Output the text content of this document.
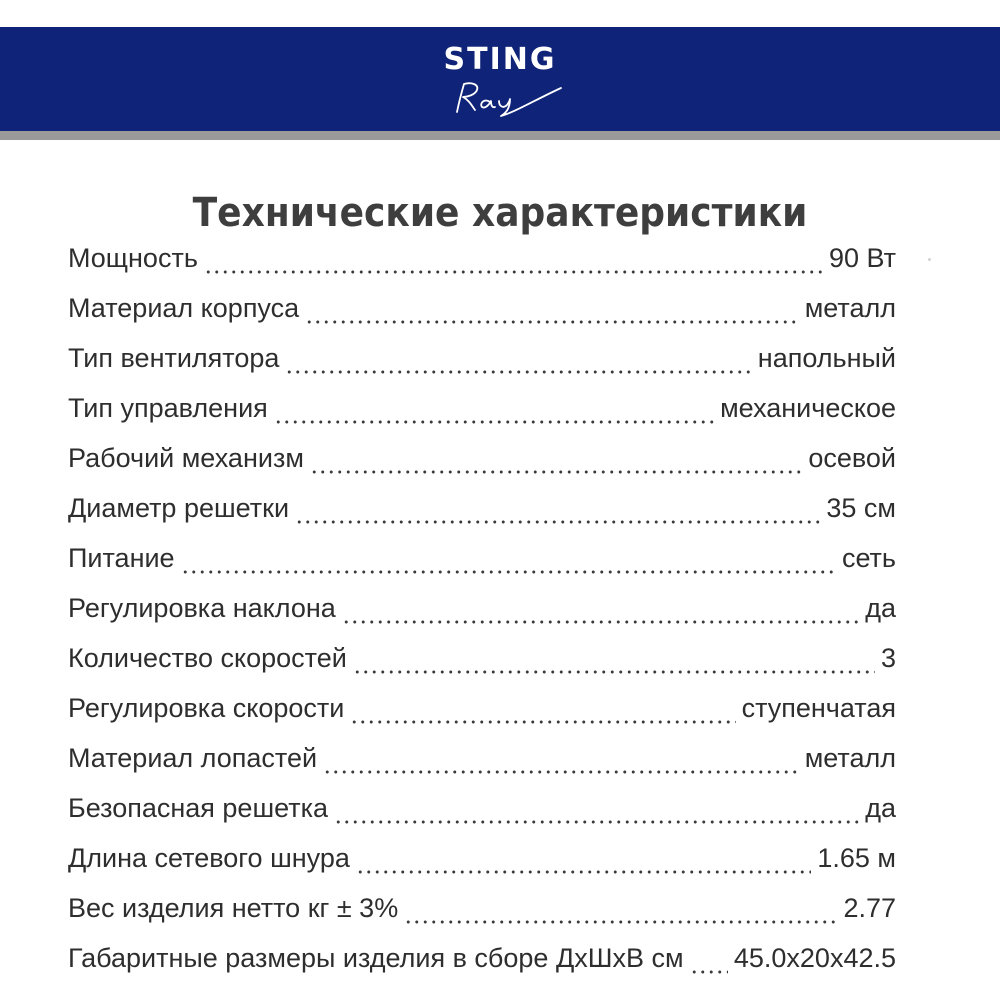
STING
Технические характеристики
Мощность	90 Вт
Материал корпуса	металл
Тип вентилятора	напольный
Тип управления	механическое
Рабочий механизм	осевой
Диаметр решетки	35 см
Питание	сеть
Регулировка наклона	да
Количество скоростей	3
Регулировка скорости	ступенчатая
Материал лопастей	металл
Безопасная решетка	да
Длина сетевого шнура	1.65 м
Вес изделия нетто кг ± 3%	2.77
Габаритные размеры изделия в сборе ДхШхВ см 45.0x20x42.5
